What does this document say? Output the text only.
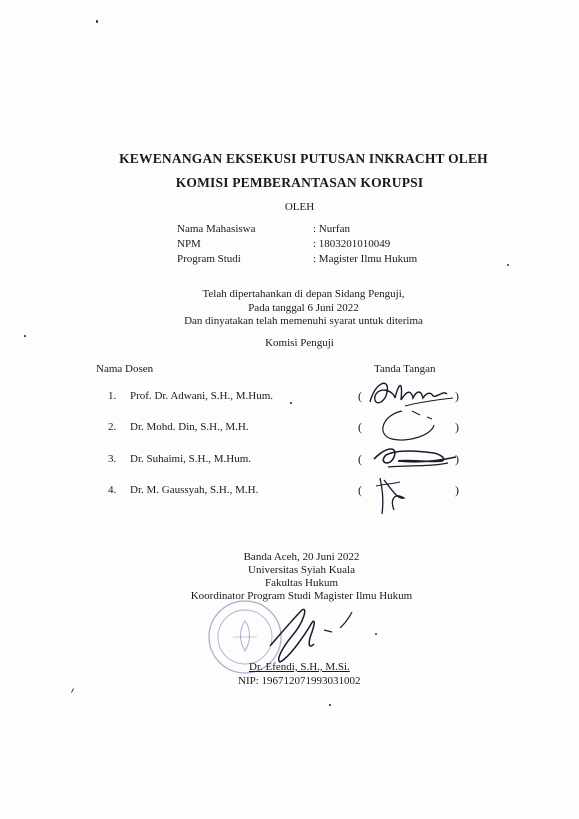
KEWENANGAN EKSEKUSI PUTUSAN INKRACHT OLEH
KOMISI PEMBERANTASAN KORUPSI
OLEH
Nama Mahasiswa	: Nurfan
NPM	: 1803201010049
Program Studi	: Magister Ilmu Hukum
Telah dipertahankan di depan Sidang Penguji,
Pada tanggal 6 Juni 2022
Dan dinyatakan telah memenuhi syarat untuk diterima
Komisi Penguji
Nama Dosen	Tanda Tangan
1. Prof. Dr. Adwani, S.H., M.Hum.	(	)
2. Dr. Mohd. Din, S.H., M.H.	(	)
3. Dr. Suhaimi, S.H., M.Hum.	(	)
4. Dr. M. Gaussyah, S.H., M.H.	(	)
Banda Aceh, 20 Juni 2022
Universitas Syiah Kuala
Fakultas Hukum
Koordinator Program Studi Magister Ilmu Hukum
Dr. Efendi, S.H., M.Si.
NIP: 196712071993031002
